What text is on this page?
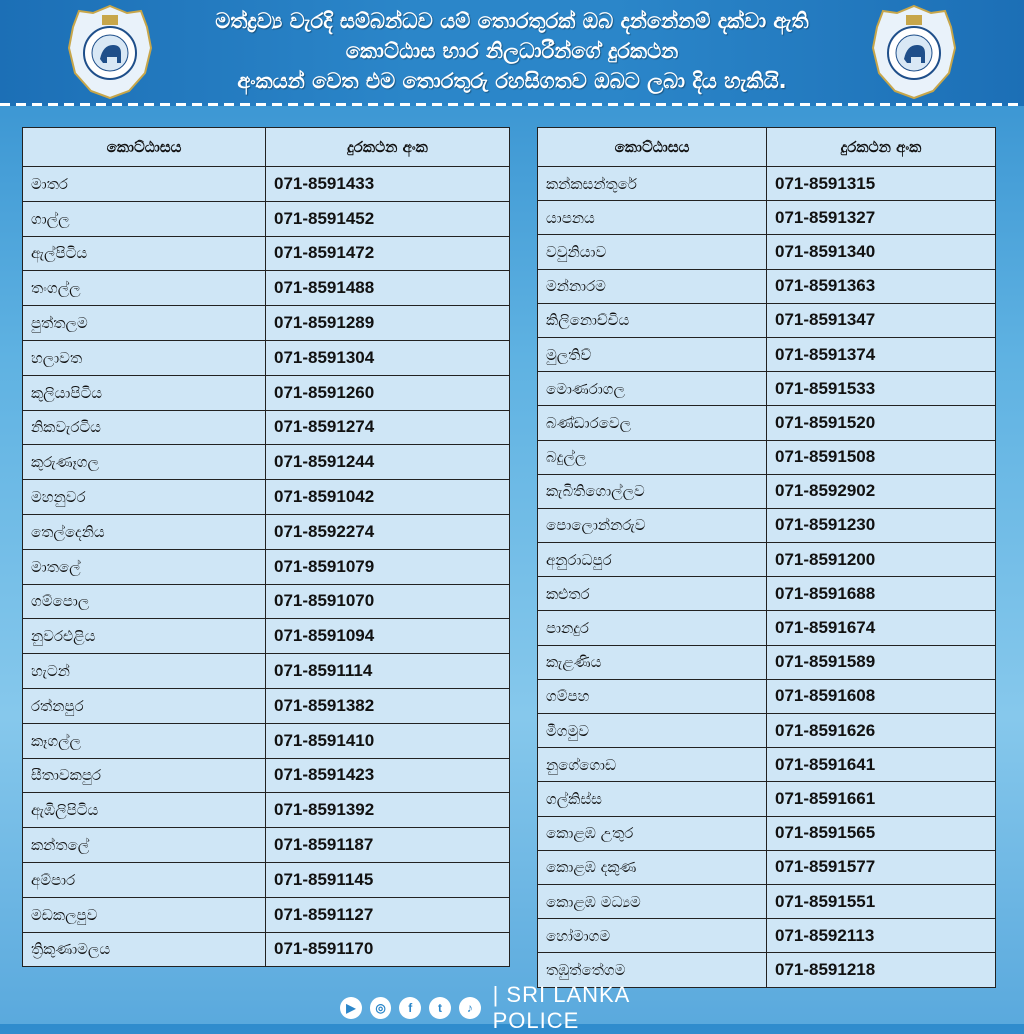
මත්ද්‍රව්‍ය වැරදි සම්බන්ධව යම් තොරතුරක් ඔබ දන්නේනම් දක්වා ඇති
කොට්ඨාස භාර නිලධාරීන්ගේ දුරකථන
අංකයන් වෙත එම තොරතුරු රහසිගතව ඔබට ලබා දිය හැකියි.
කොට්ඨාසය	දුරකථන අංක
මාතර	071-8591433
ගාල්ල	071-8591452
ඇල්පිටිය	071-8591472
තංගල්ල	071-8591488
පුත්තලම	071-8591289
හලාවත	071-8591304
කුලියාපිටිය	071-8591260
නිකවැරටිය	071-8591274
කුරුණෑගල	071-8591244
මහනුවර	071-8591042
තෙල්දෙනිය	071-8592274
මාතලේ	071-8591079
ගම්පොල	071-8591070
නුවරඑළිය	071-8591094
හැටන්	071-8591114
රත්නපුර	071-8591382
කෑගල්ල	071-8591410
සීතාවකපුර	071-8591423
ඇඹිලිපිටිය	071-8591392
කන්තලේ	071-8591187
අම්පාර	071-8591145
මඩකලපුව	071-8591127
ත්‍රිකුණාමලය	071-8591170
කොට්ඨාසය	දුරකථන අංක
කන්කසන්තුරේ	071-8591315
යාපනය	071-8591327
වවුනියාව	071-8591340
මන්නාරම	071-8591363
කිලිනොච්චිය	071-8591347
මුලතිව්	071-8591374
මොණරාගල	071-8591533
බණ්ඩාරවෙල	071-8591520
බදුල්ල	071-8591508
කැබිතිගොල්ලව	071-8592902
පොලොන්නරුව	071-8591230
අනුරාධපුර	071-8591200
කළුතර	071-8591688
පානදුර	071-8591674
කැළණිය	071-8591589
ගම්පහ	071-8591608
මීගමුව	071-8591626
නුගේගොඩ	071-8591641
ගල්කිස්ස	071-8591661
කොළඹ උතුර	071-8591565
කොළඹ දකුණ	071-8591577
කොළඹ මධ්‍යම	071-8591551
හෝමාගම	071-8592113
තඹුත්තේගම	071-8591218
▶	◎	f	t	♪
| SRI LANKA POLICE
